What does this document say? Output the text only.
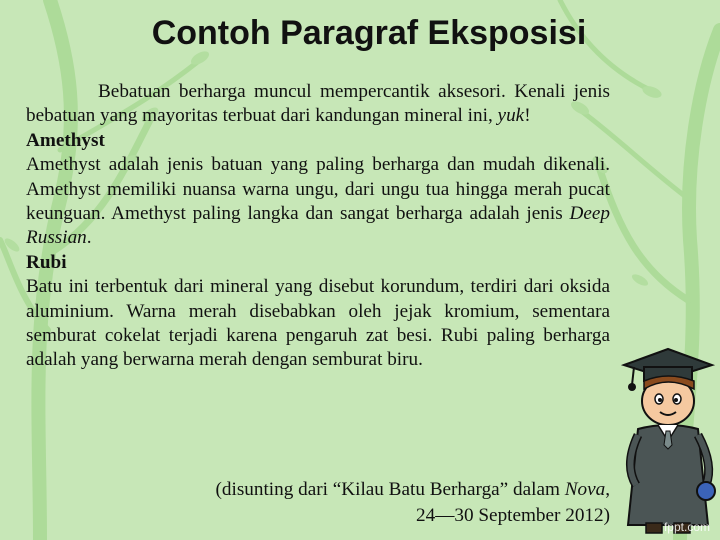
Contoh Paragraf Eksposisi

Bebatuan berharga muncul mempercantik aksesori. Kenali jenis bebatuan yang mayoritas terbuat dari kandungan mineral ini, yuk!

Amethyst

Amethyst adalah jenis batuan yang paling berharga dan mudah dikenali. Amethyst memiliki nuansa warna ungu, dari ungu tua hingga merah pucat keunguan. Amethyst paling langka dan sangat berharga adalah jenis Deep Russian.

Rubi

Batu ini terbentuk dari mineral yang disebut korundum, terdiri dari oksida aluminium. Warna merah disebabkan oleh jejak kromium, sementara semburat cokelat terjadi karena pengaruh zat besi. Rubi paling berharga adalah yang berwarna merah dengan semburat biru.

(disunting dari “Kilau Batu Berharga” dalam Nova,
24—30 September 2012)
fppt.com
